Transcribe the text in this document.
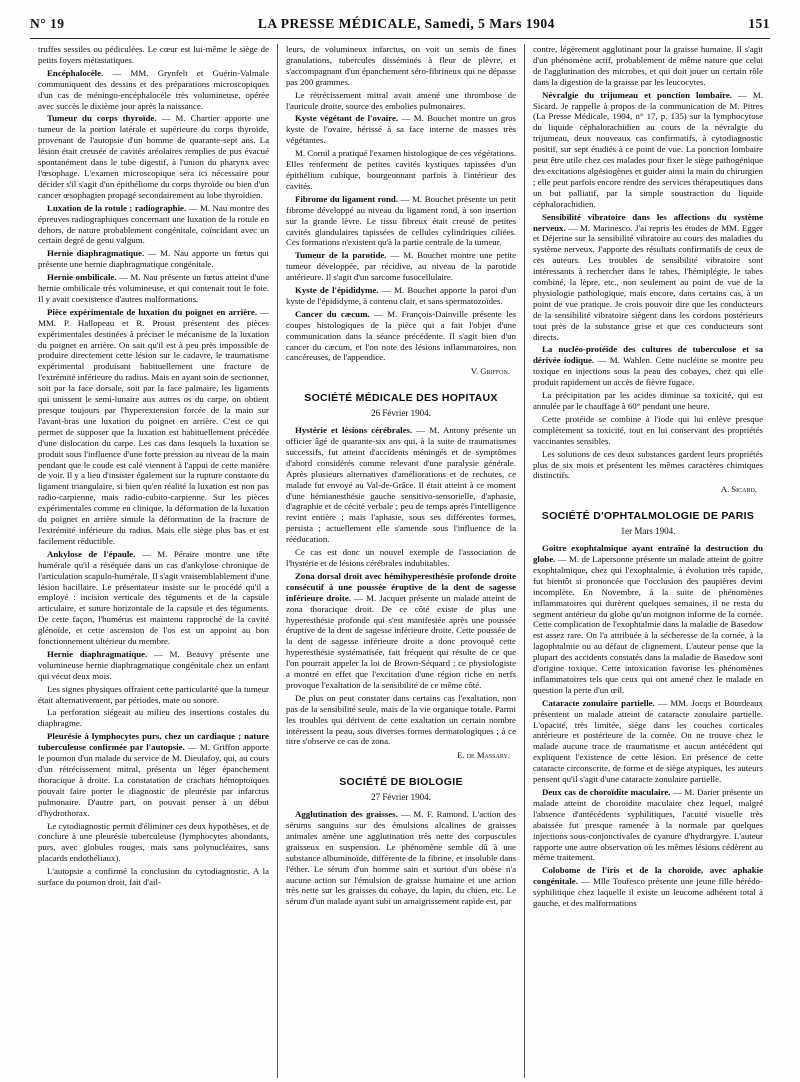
N° 19	LA PRESSE MÉDICALE, Samedi, 5 Mars 1904	151

truffes sessiles ou pédiculées. Le cœur est lui-même le siège de petits foyers métastatiques.

Encéphalocèle. — MM. Grynfelt et Guérin-Valmale communiquent des dessins et des préparations microscopiques d'un cas de méningo-encéphalocèle très volumineuse, opérée avec succès le dixième jour après la naissance.

Tumeur du corps thyroïde. — M. Chartier apporte une tumeur de la portion latérale et supérieure du corps thyroïde, provenant de l'autopsie d'un homme de quarante-sept ans. La lésion était creusée de cavités aréolaires remplies de pus évacué spontanément dans le tube digestif, à l'union du pharynx avec l'œsophage. L'examen microscopique sera ici nécessaire pour décider s'il s'agit d'un épithéliome du corps thyroïde ou bien d'un cancer œsophagien propagé secondairement au lobe thyroïdien.

Luxation de la rotule ; radiographie. — M. Nau montre des épreuves radiographiques concernant une luxation de la rotule en dehors, de nature probablement congénitale, coïncidant avec un certain degré de genu valgum.

Hernie diaphragmatique. — M. Nau apporte un fœtus qui présente une hernie diaphragmatique congénitale.

Hernie ombilicale. — M. Nau présente un fœtus atteint d'une hernie ombilicale très volumineuse, et qui contenait tout le foie. Il y avait coexistence d'autres malformations.

Pièce expérimentale de luxation du poignet en arrière. — MM. P. Hallopeau et R. Proust présentent des pièces expérimentales destinées à préciser le mécanisme de la luxation du poignet en arrière. On sait qu'il est à peu près impossible de produire directement cette lésion sur le cadavre, le traumatisme expérimental produisant habituellement une fracture de l'extrémité inférieure du radius. Mais en ayant soin de sectionner, soit par la face dorsale, soit par la face palmaire, les ligaments qui unissent le semi-lunaire aux autres os du carpe, on obtient presque toujours par l'hyperextension forcée de la main sur l'avant-bras une luxation du poignet en arrière. C'est ce qui permet de supposer que la luxation est habituellement précédée d'une dislocation du carpe. Les cas dans lesquels la luxation se produit sous l'influence d'une forte pression au niveau de la main pendant que le coude est calé viennent à l'appui de cette manière de voir. Il y a lieu d'insister également sur la rupture constante du ligament triangulaire, si bien qu'en réalité la luxation est non pas radio-carpienne, mais radio-cubito-carpienne. Sur les pièces expérimentales comme en clinique, la déformation de la luxation du poignet en arrière simule la déformation de la fracture de l'extrémité inférieure du radius. Mais elle siège plus bas et est facilement réductible.

Ankylose de l'épaule. — M. Péraire montre une tête humérale qu'il a réséquée dans un cas d'ankylose chronique de l'articulation scapulo-humérale. Il s'agit vraisemblablement d'une lésion bacillaire. Le présentateur insiste sur le procédé qu'il a employé : incision verticale des téguments et de la capsule articulaire, et suture horizontale de la capsule et des téguments. De cette façon, l'humérus est maintenu rapproché de la cavité glénoïde, et cette ascension de l'os est un appoint au bon fonctionnement ultérieur du membre.

Hernie diaphragmatique. — M. Beauvy présente une volumineuse hernie diaphragmatique congénitale chez un enfant qui vécut deux mois.

Les signes physiques offraient cette particularité que la tumeur était alternativement, par périodes, mate ou sonore.

La perforation siégeait au milieu des insertions costales du diaphragme.

Pleurésie à lymphocytes purs, chez un cardiaque ; nature tuberculeuse confirmée par l'autopsie. — M. Griffon apporte le poumon d'un malade du service de M. Dieulafoy, qui, au cours d'un rétrécissement mitral, présenta un léger épanchement thoracique à droite. La constatation de crachats hémoptoïques pouvait faire porter le diagnostic de pleurésie par infarctus pulmonaire. D'autre part, on pouvait penser à un début d'hydrothorax.

Le cytodiagnostic permit d'éliminer ces deux hypothèses, et de conclure à une pleurésie tuberculeuse (lymphocytes abondants, purs, avec globules rouges, mais sans polynucléaires, sans placards endothéliaux).

L'autopsie a confirmé la conclusion du cytodiagnostic. A la surface du poumon droit, fait d'ail-

leurs, de volumineux infarctus, on voit un semis de fines granulations, tubercules disséminés à fleur de plèvre, et s'accompagnant d'un épanchement séro-fibrineux qui ne dépasse pas 200 grammes.

Le rétrécissement mitral avait amené une thrombose de l'auricule droite, source des embolies pulmonaires.

Kyste végétant de l'ovaire. — M. Bouchet montre un gros kyste de l'ovaire, hérissé à sa face interne de masses très végétantes.

M. Cornil a pratiqué l'examen histologique de ces végétations. Elles renferment de petites cavités kystiques tapissées d'un épithélium cubique, bourgeonnant parfois à l'intérieur des cavités.

Fibrome du ligament rond. — M. Bouchet présente un petit fibrome développé au niveau du ligament rond, à son insertion sur la grande lèvre. Le tissu fibreux était creusé de petites cavités glandulaires tapissées de cellules cylindriques ciliées. Ces formations n'existent qu'à la partie centrale de la tumeur.

Tumeur de la parotide. — M. Bouchet montre une petite tumeur développée, par récidive, au niveau de la parotide antérieure. Il s'agit d'un sarcome fusocellulaire.

Kyste de l'épididyme. — M. Bouchet apporte la paroi d'un kyste de l'épididyme, à contenu clair, et sans spermatozoïdes.

Cancer du cæcum. — M. François-Dainville présente les coupes histologiques de la pièce qui a fait l'objet d'une communication dans la séance précédente. Il s'agit bien d'un cancer du cæcum, et l'on note des lésions inflammatoires, non cancéreuses, de l'appendice.

V. Griffon.
SOCIÉTÉ MÉDICALE DES HOPITAUX
26 Février 1904.

Hystérie et lésions cérébrales. — M. Antony présente un officier âgé de quarante-six ans qui, à la suite de traumatismes successifs, fut atteint d'accidents méningés et de symptômes d'abord considérés comme relevant d'une paralysie générale. Après plusieurs alternatives d'améliorations et de rechutes, ce malade fut envoyé au Val-de-Grâce. Il était atteint à ce moment d'une hémianesthésie gauche sensitivo-sensorielle, d'aphasie, d'agraphie et de cécité verbale ; peu de temps après l'intelligence revint entière ; mais l'aphasie, sous ses différentes formes, persista ; actuellement elle s'amende sous l'influence de la rééducation.

Ce cas est donc un nouvel exemple de l'association de l'hystérie et de lésions cérébrales indubitables.

Zona dorsal droit avec hémihyperesthésie profonde droite consécutif à une poussée éruptive de la dent de sagesse inférieure droite. — M. Jacquet présente un malade atteint de zona thoracique droit. De ce côté existe de plus une hyperesthésie profonde qui s'est manifestée après une poussée éruptive de la dent de sagesse inférieure droite. Cette poussée de la dent de sagesse inférieure droite a donc provoqué cette hyperesthésie systématisée, fait fréquent qui résulte de ce que l'on pourrait appeler la loi de Brown-Séquard ; ce physiologiste a montré en effet que l'excitation d'une région riche en nerfs provoque l'exaltation de la sensibilité de ce même côté.

De plus on peut constater dans certains cas l'exaltation, non pas de la sensibilité seule, mais de la vie organique totale. Parmi les troubles qui dérivent de cette exaltation un certain nombre intéressent la peau, sous diverses formes dermatologiques ; à ce titre s'observe ce cas de zona.

E. de Massary.
SOCIÉTÉ DE BIOLOGIE
27 Février 1904.

Agglutination des graisses. — M. F. Ramond. L'action des sérums sanguins sur des émulsions alcalines de graisses animales amène une agglutination très nette des corpuscules graisseux en suspension. Le phénomène semble dû à une substance albuminoïde, différente de la fibrine, et insoluble dans l'éther. Le sérum d'un homme sain et surtout d'un obèse n'a aucune action sur l'émulsion de graisse humaine et une action très nette sur les graisses du cobaye, du lapin, du chien, etc. Le sérum d'un malade ayant subi un amaigrissement rapide est, par

contre, légèrement agglutinant pour la graisse humaine. Il s'agit d'un phénomène actif, probablement de même nature que celui de l'agglutination des microbes, et qui doit jouer un certain rôle dans la digestion de la graisse par les leucocytes.

Névralgie du trijumeau et ponction lombaire. — M. Sicard. Je rappelle à propos de la communication de M. Pitres (La Presse Médicale, 1904, n° 17, p. 135) sur la lymphocytose du liquide céphalorachidien au cours de la névralgie du trijumeau, deux nouveaux cas confirmatifs, à cytodiagnostic positif, sur sept étudiés à ce point de vue. La ponction lombaire peut être utile chez ces malades pour fixer le siège pathogénique des excitations algésiogènes et guider ainsi la main du chirurgien ; elle peut parfois encore rendre des services thérapeutiques dans un but palliatif, par la simple soustraction du liquide céphalorachidien.

Sensibilité vibratoire dans les affections du système nerveux. — M. Marinesco. J'ai repris les études de MM. Egger et Déjerine sur la sensibilité vibratoire au cours des maladies du système nerveux. J'apporte des résultats confirmatifs de ceux de ces auteurs. Les troubles de sensibilité vibratoire sont intéressants à rechercher dans le tabes, l'hémiplégie, le tabes combiné, la lèpre, etc., non seulement au point de vue de la physiologie pathologique, mais encore, dans certains cas, à un point de vue pratique. Je crois pouvoir dire que les conducteurs de la sensibilité vibratoire siègent dans les cordons postérieurs tout près de la substance grise et que ces conducteurs sont directs.

La nucléo-protéide des cultures de tuberculose et sa dérivée iodique. — M. Wahlen. Cette nucléine se montre peu toxique en injections sous la peau des cobayes, chez qui elle produit rapidement un accès de fièvre fugace.

La précipitation par les acides diminue sa toxicité, qui est annulée par le chauffage à 60° pendant une heure.

Cette protéide se combine à l'iode qui lui enlève presque complètement sa toxicité, tout en lui conservant des propriétés vaccinantes sensibles.

Les solutions de ces deux substances gardent leurs propriétés plus de six mois et présentent les mêmes caractères chimiques distinctifs.

A. Sicard.
SOCIÉTÉ D'OPHTALMOLOGIE DE PARIS
1er Mars 1904.

Goitre exophtalmique ayant entraîné la destruction du globe. — M. de Lapersonne présente un malade atteint de goitre exophtalmique, chez qui l'exophtalmie, à évolution très rapide, fut bientôt si prononcée que l'occlusion des paupières devint incomplète. En Novembre, à la suite de phénomènes inflammatoires qui durèrent quelques semaines, il ne resta du segment antérieur du globe qu'un moignon informe de la cornée. Cette complication de l'exophtalmie dans la maladie de Basedow est assez rare. On l'a attribuée à la sécheresse de la cornée, à la lagophtalmie ou au défaut de clignement. L'auteur pense que la plupart des accidents constatés dans la maladie de Basedow sont d'origine toxique. Cette intoxication favorise les phénomènes inflammatoires tels que ceux qui ont amené chez le malade en question la perte d'un œil.

Cataracte zonulaire partielle. — MM. Jocqs et Bourdeaux présentent un malade atteint de cataracte zonulaire partielle. L'opacité, très limitée, siège dans les couches corticales antérieure et postérieure de la cornée. On ne trouve chez le malade aucune trace de traumatisme et aucun antécédent qui expliquent l'existence de cette lésion. En présence de cette cataracte circonscrite, de forme et de siège atypiques, les auteurs pensent qu'il s'agit d'une cataracte zonulaire partielle.

Deux cas de choroïdite maculaire. — M. Darier présente un malade atteint de choroïdite maculaire chez lequel, malgré l'absence d'antécédents syphilitiques, l'acuité visuelle très abaissée fut presque ramenée à la normale par quelques injections sous-conjonctivales de cyanure d'hydrargyre. L'auteur rapporte une autre observation où les mêmes lésions cédèrent au même traitement.

Colobome de l'iris et de la choroïde, avec aphakie congénitale. — Mlle Toufesco présente une jeune fille hérédo-syphilitique chez laquelle il existe un leucome adhérent total à gauche, et des malformations
